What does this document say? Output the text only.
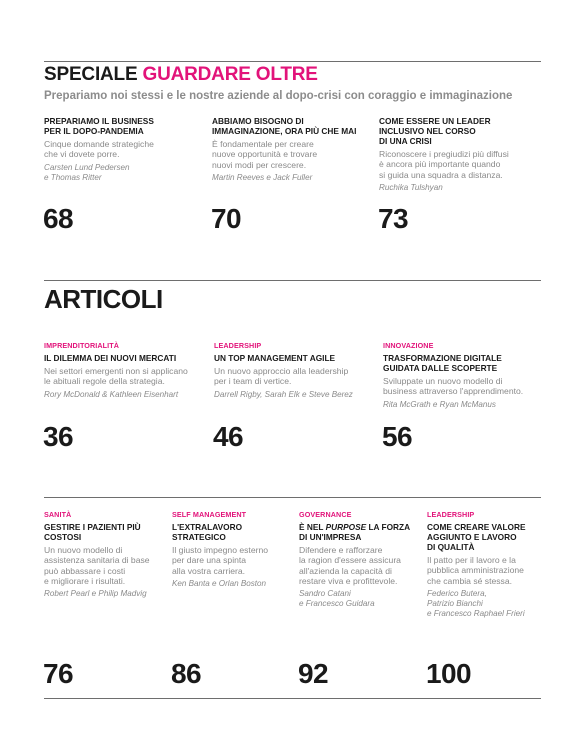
SPECIALE GUARDARE OLTRE
Prepariamo noi stessi e le nostre aziende al dopo-crisi con coraggio e immaginazione
PREPARIAMO IL BUSINESS
PER IL DOPO-PANDEMIA
Cinque domande strategiche
che vi dovete porre.
Carsten Lund Pedersen
e Thomas Ritter
68
ABBIAMO BISOGNO DI
IMMAGINAZIONE, ORA PIÙ CHE MAI
È fondamentale per creare
nuove opportunità e trovare
nuovi modi per crescere.
Martin Reeves e Jack Fuller
70
COME ESSERE UN LEADER
INCLUSIVO NEL CORSO
DI UNA CRISI
Riconoscere i pregiudizi più diffusi
è ancora più importante quando
si guida una squadra a distanza.
Ruchika Tulshyan
73
ARTICOLI
IMPRENDITORIALITÀ
IL DILEMMA DEI NUOVI MERCATI
Nei settori emergenti non si applicano
le abituali regole della strategia.
Rory McDonald & Kathleen Eisenhart
36
LEADERSHIP
UN TOP MANAGEMENT AGILE
Un nuovo approccio alla leadership
per i team di vertice.
Darrell Rigby, Sarah Elk e Steve Berez
46
INNOVAZIONE
TRASFORMAZIONE DIGITALE
GUIDATA DALLE SCOPERTE
Sviluppate un nuovo modello di
business attraverso l'apprendimento.
Rita McGrath e Ryan McManus
56
SANITÀ
GESTIRE I PAZIENTI PIÙ
COSTOSI
Un nuovo modello di
assistenza sanitaria di base
può abbassare i costi
e migliorare i risultati.
Robert Pearl e Philip Madvig
76
SELF MANAGEMENT
L'EXTRALAVORO
STRATEGICO
Il giusto impegno esterno
per dare una spinta
alla vostra carriera.
Ken Banta e Orlan Boston
86
GOVERNANCE
È NEL PURPOSE LA FORZA
DI UN'IMPRESA
Difendere e rafforzare
la ragion d'essere assicura
all'azienda la capacità di
restare viva e profittevole.
Sandro Catani
e Francesco Guidara
92
LEADERSHIP
COME CREARE VALORE
AGGIUNTO E LAVORO
DI QUALITÀ
Il patto per il lavoro e la
pubblica amministrazione
che cambia sé stessa.
Federico Butera,
Patrizio Bianchi
e Francesco Raphael Frieri
100
